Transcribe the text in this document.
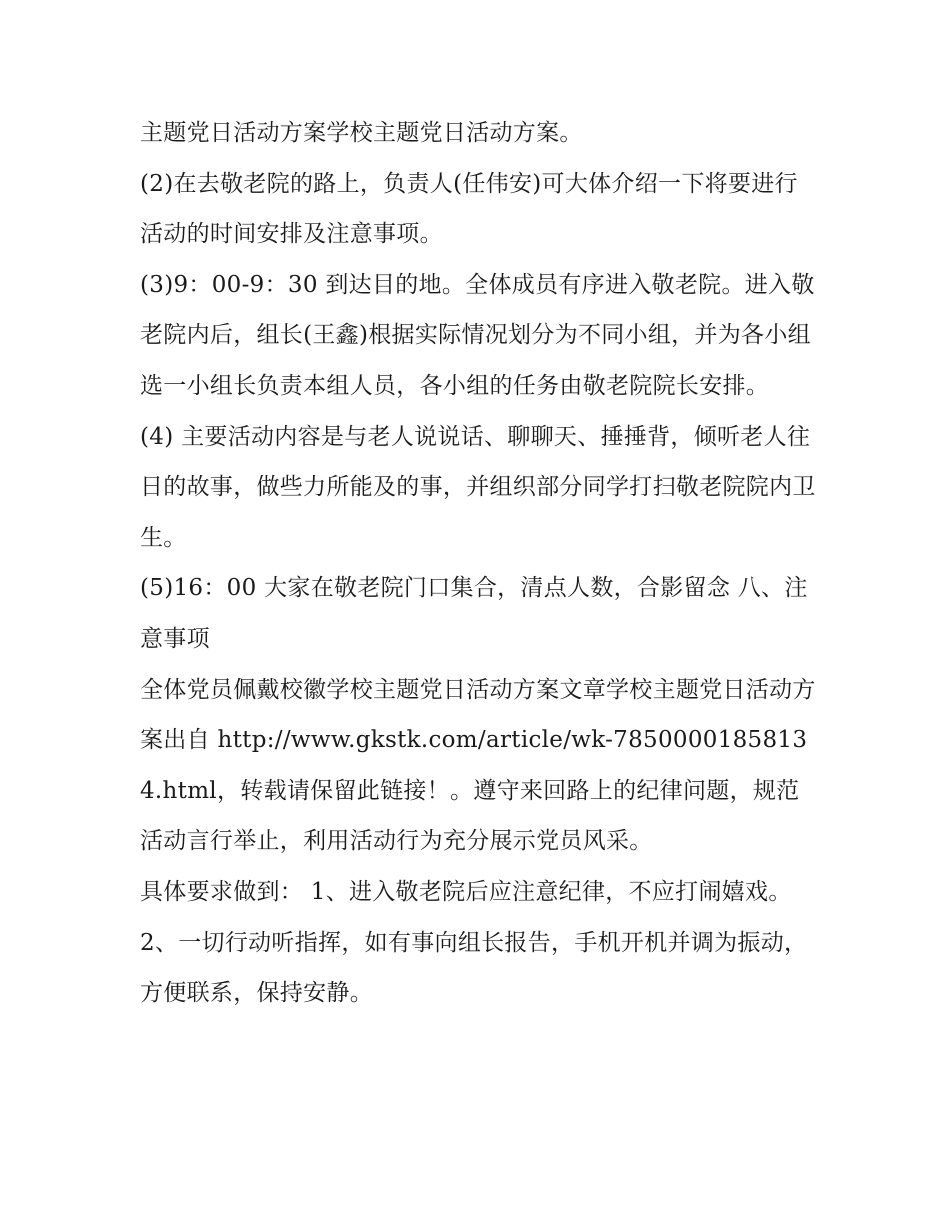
主题党日活动方案学校主题党日活动方案。

(2)在去敬老院的路上，负责人(任伟安)可大体介绍一下将要进行活动的时间安排及注意事项。

(3)9：00-9：30 到达目的地。全体成员有序进入敬老院。进入敬老院内后，组长(王鑫)根据实际情况划分为不同小组，并为各小组选一小组长负责本组人员，各小组的任务由敬老院院长安排。

(4) 主要活动内容是与老人说说话、聊聊天、捶捶背，倾听老人往日的故事，做些力所能及的事，并组织部分同学打扫敬老院院内卫生。

(5)16：00 大家在敬老院门口集合，清点人数，合影留念 八、注意事项

全体党员佩戴校徽学校主题党日活动方案文章学校主题党日活动方案出自 http://www.gkstk.com/article/wk-78500001858134.html，转载请保留此链接！。遵守来回路上的纪律问题，规范活动言行举止，利用活动行为充分展示党员风采。

具体要求做到： 1、进入敬老院后应注意纪律，不应打闹嬉戏。 2、一切行动听指挥，如有事向组长报告，手机开机并调为振动，方便联系，保持安静。
